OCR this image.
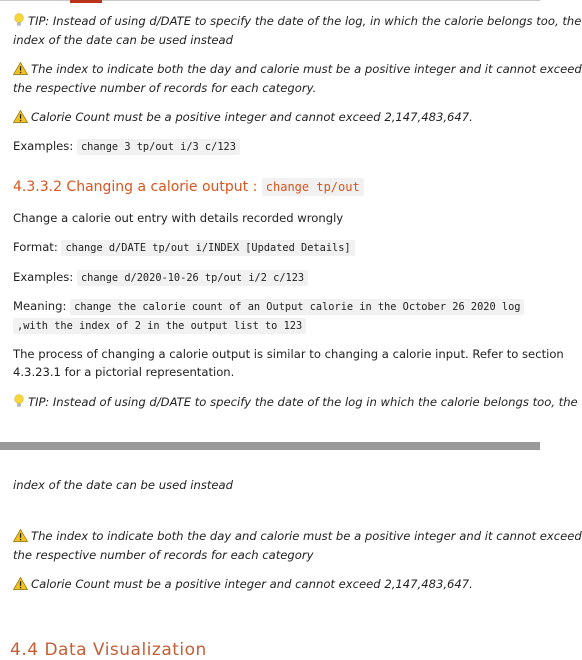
TIP: Instead of using d/DATE to specify the date of the log, in which the calorie belongs too, the
index of the date can be used instead
The index to indicate both the day and calorie must be a positive integer and it cannot exceed
the respective number of records for each category.
Calorie Count must be a positive integer and cannot exceed 2,147,483,647.
Examples: change 3 tp/out i/3 c/123
4.3.3.2 Changing a calorie output : change tp/out
Change a calorie out entry with details recorded wrongly
Format: change d/DATE tp/out i/INDEX [Updated Details]
Examples: change d/2020-10-26 tp/out i/2 c/123
Meaning: change the calorie count of an Output calorie in the October 26 2020 log
,with the index of 2 in the output list to 123
The process of changing a calorie output is similar to changing a calorie input. Refer to section
4.3.23.1 for a pictorial representation.
TIP: Instead of using d/DATE to specify the date of the log in which the calorie belongs too, the
index of the date can be used instead
The index to indicate both the day and calorie must be a positive integer and it cannot exceed
the respective number of records for each category
Calorie Count must be a positive integer and cannot exceed 2,147,483,647.
4.4 Data Visualization
